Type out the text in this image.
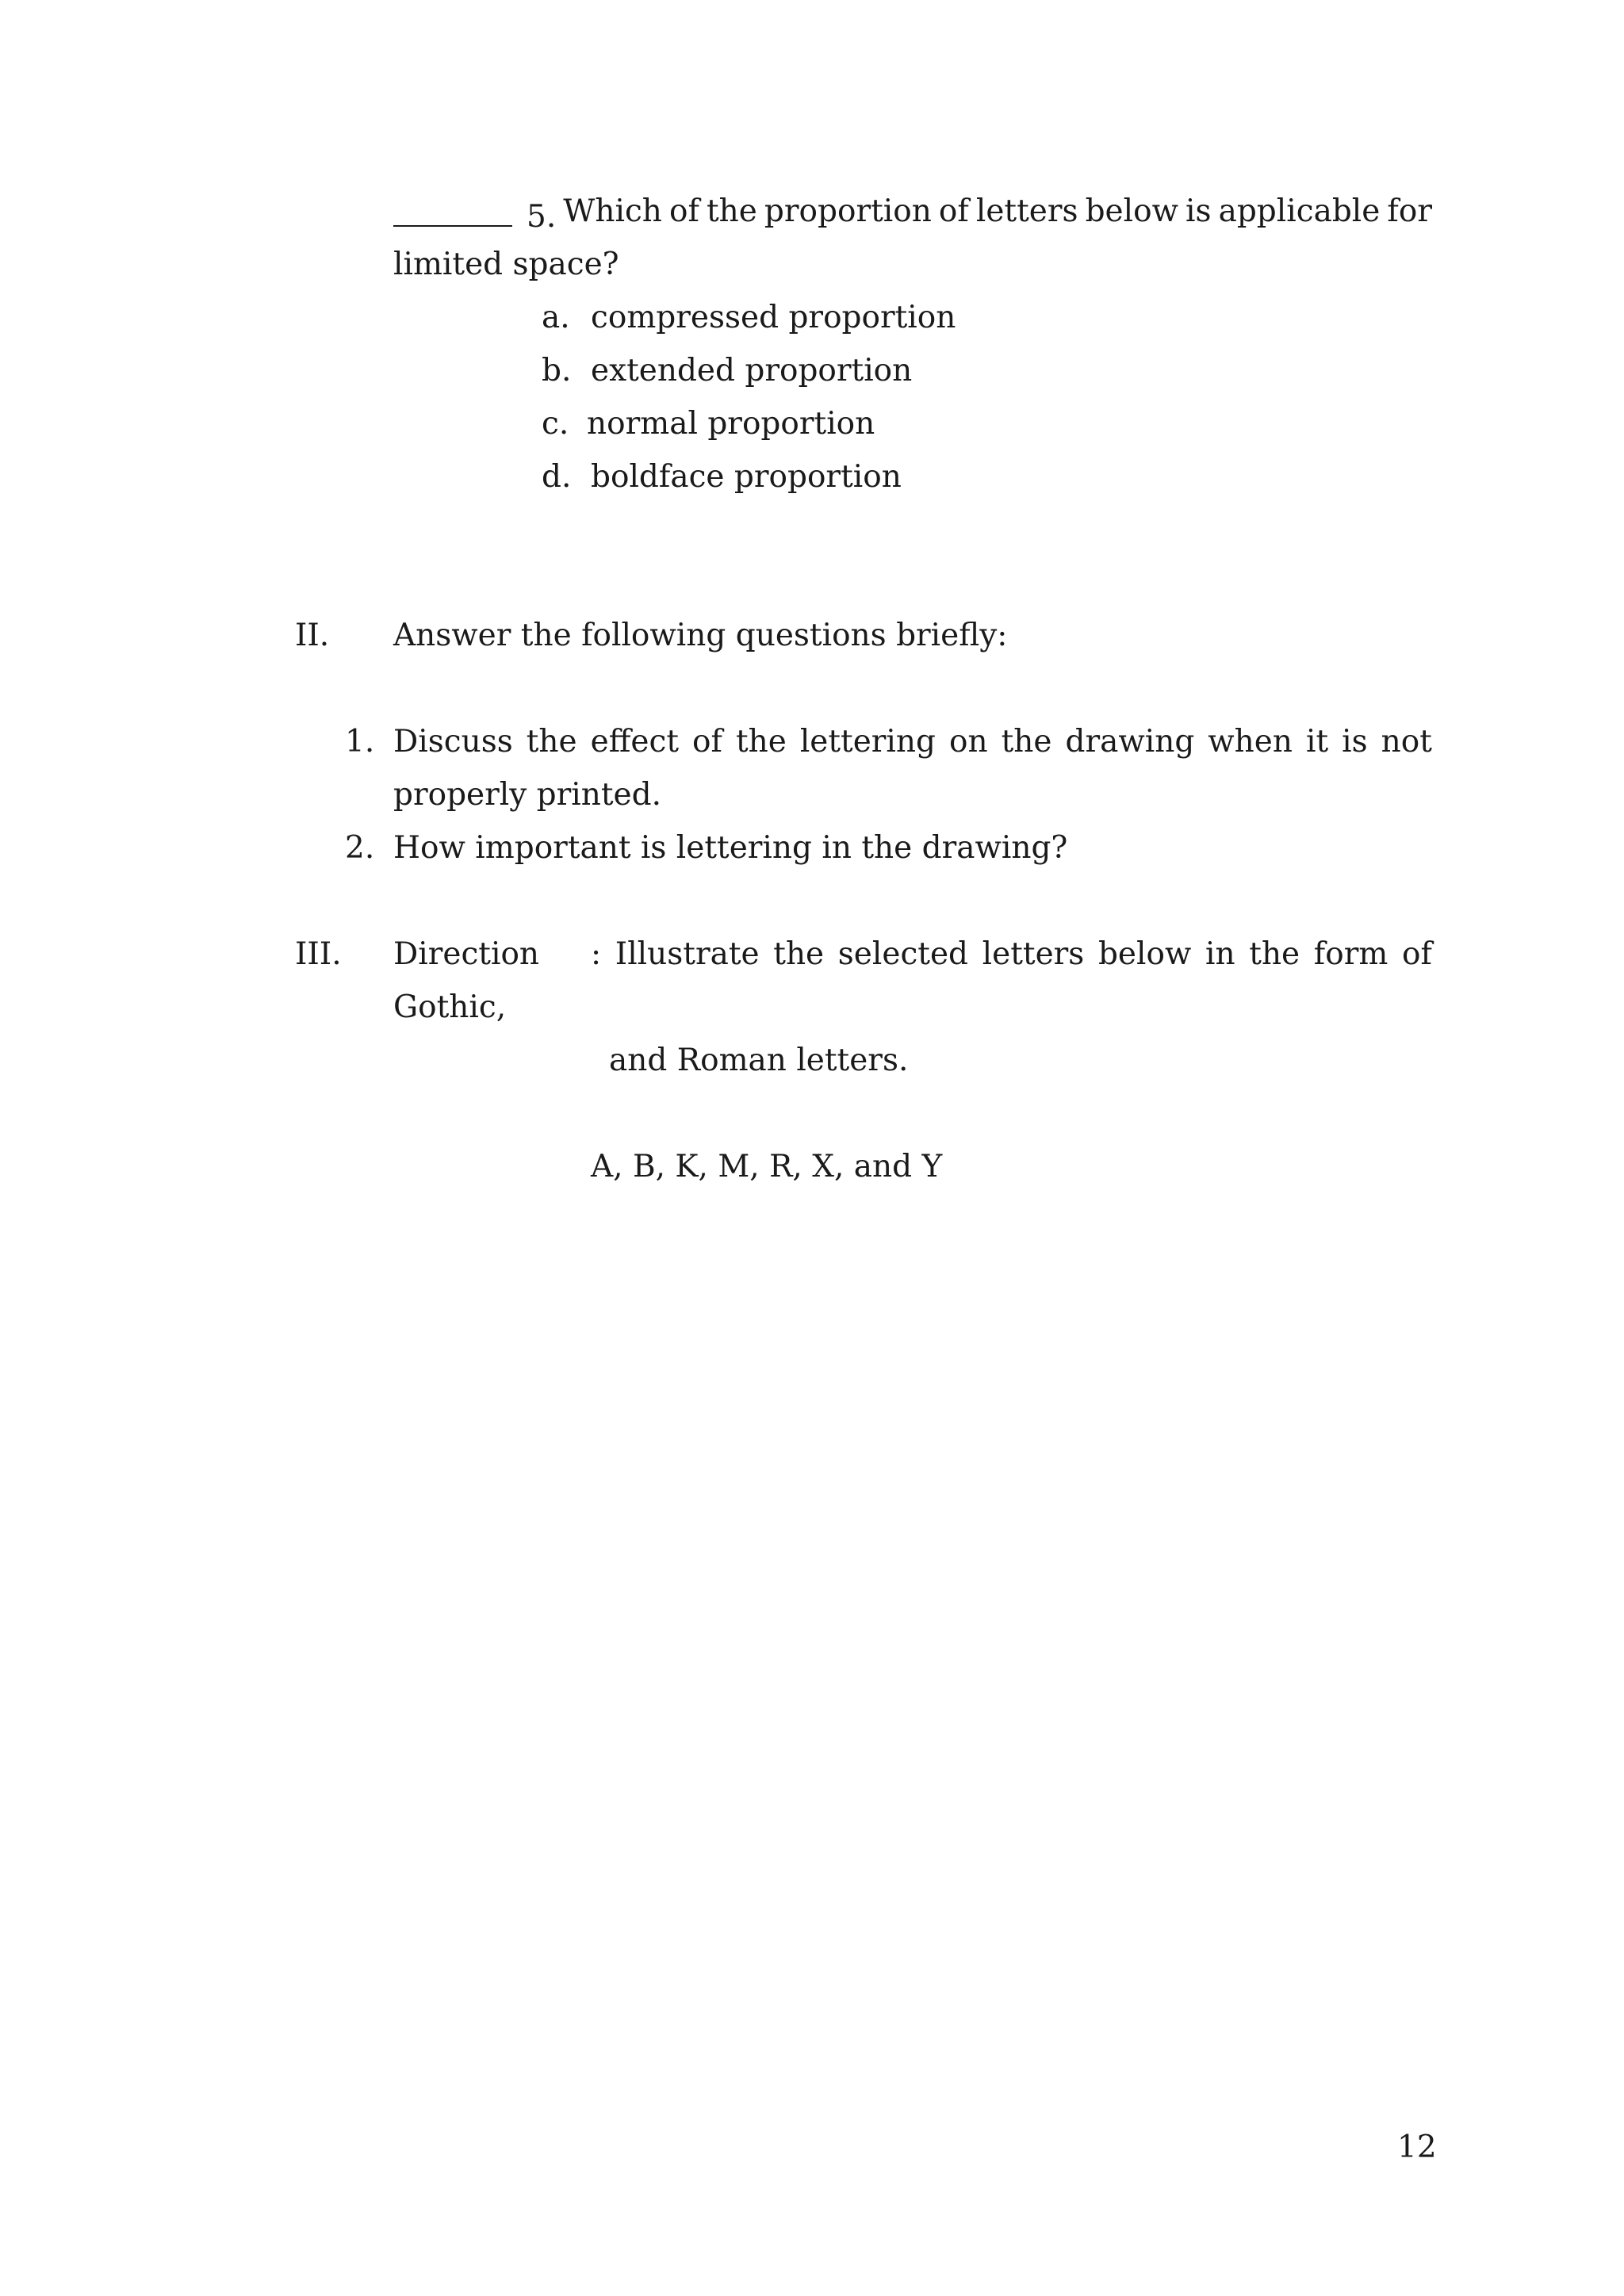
5. Which of the proportion of letters below is applicable for
limited space?
a. compressed proportion
b. extended proportion
c. normal proportion
d. boldface proportion
II. Answer the following questions briefly:
1. Discuss the effect of the lettering on the drawing when it is not
properly printed.
2. How important is lettering in the drawing?
III. Direction : Illustrate the selected letters below in the form of
Gothic,
and Roman letters.
A, B, K, M, R, X, and Y
12
